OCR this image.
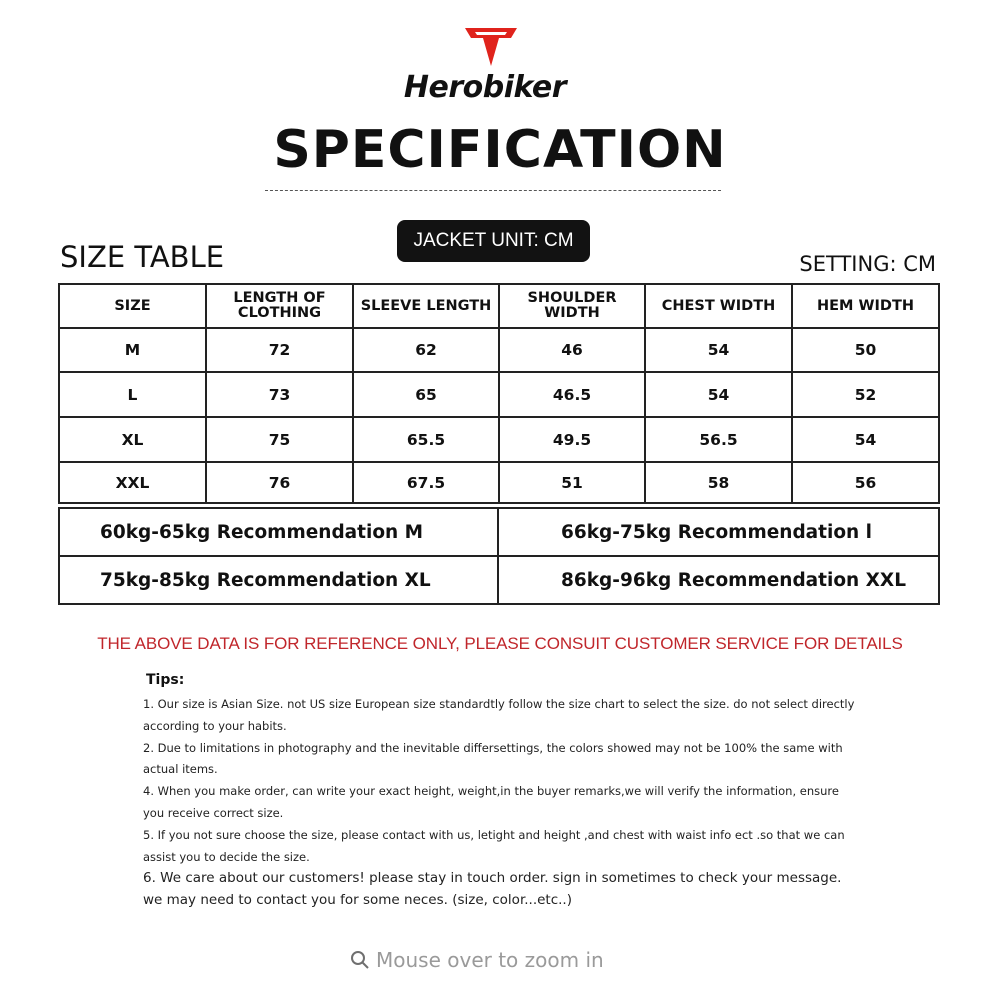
Herobiker
SPECIFICATION
JACKET UNIT: CM
SIZE TABLE	SETTING: CM
SIZE	LENGTH OF CLOTHING	SLEEVE LENGTH	SHOULDER WIDTH	CHEST WIDTH	HEM WIDTH
M	72	62	46	54	50
L	73	65	46.5	54	52
XL	75	65.5	49.5	56.5	54
XXL	76	67.5	51	58	56
60kg-65kg Recommendation M	66kg-75kg Recommendation l
75kg-85kg Recommendation XL	86kg-96kg Recommendation XXL
THE ABOVE DATA IS FOR REFERENCE ONLY, PLEASE CONSUIT CUSTOMER SERVICE FOR DETAILS
Tips:

1. Our size is Asian Size. not US size European size standardtly follow the size chart to select the size. do not select directly according to your habits.

2. Due to limitations in photography and the inevitable differsettings, the colors showed may not be 100% the same with actual items.

4. When you make order, can write your exact height, weight,in the buyer remarks,we will verify the information, ensure you receive correct size.

5. If you not sure choose the size, please contact with us, letight and height ,and chest with waist info ect .so that we can assist you to decide the size.

6. We care about our customers! please stay in touch order. sign in sometimes to check your message. we may need to contact you for some neces. (size, color...etc..)

Mouse over to zoom in
